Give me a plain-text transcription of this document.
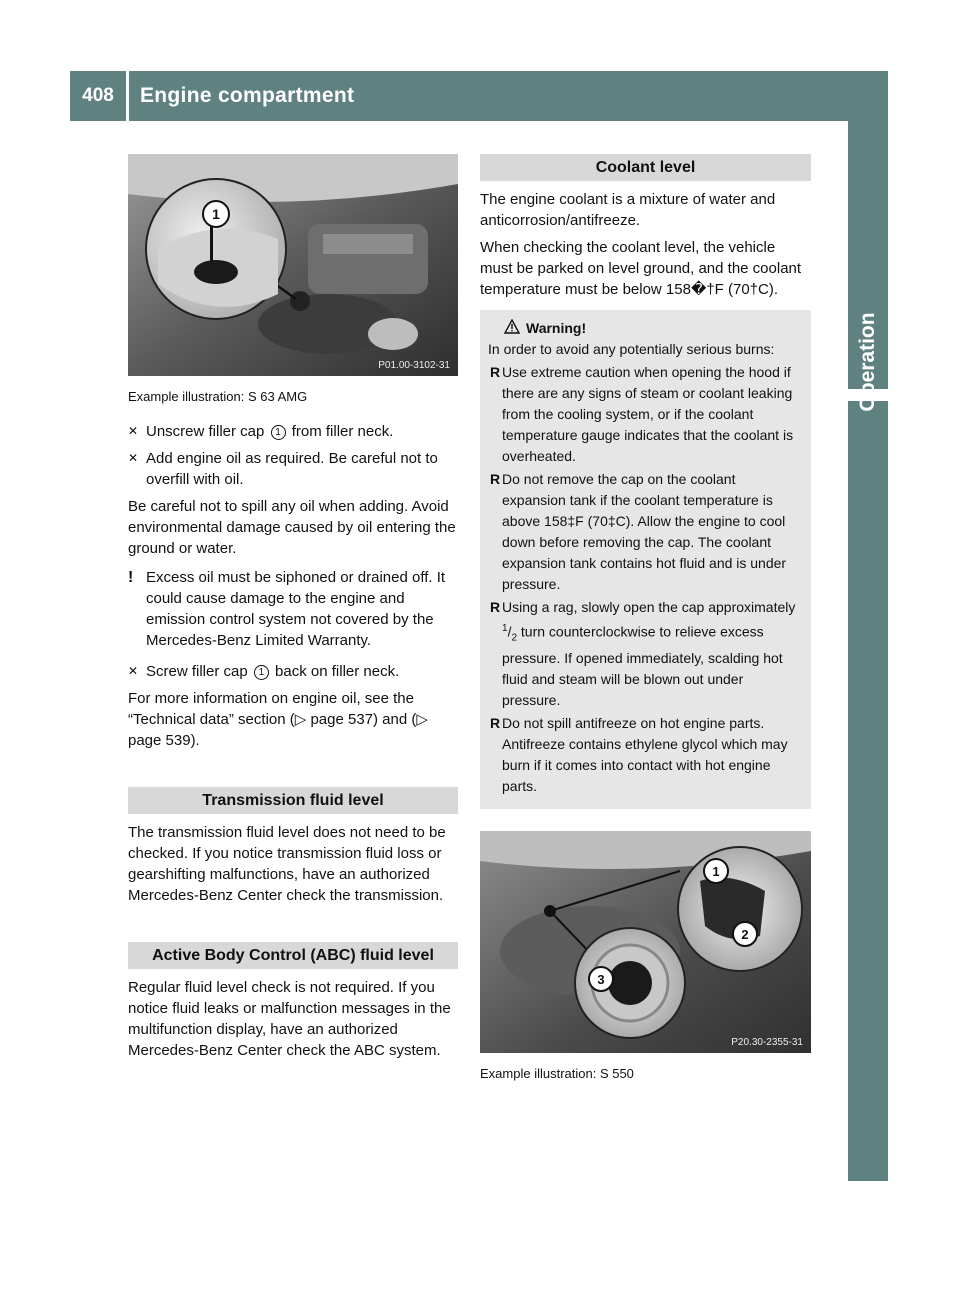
408	Engine compartment
Operation
1
P01.00-3102-31
Example illustration: S 63 AMG
✕ Unscrew filler cap 1 from filler neck.
✕ Add engine oil as required. Be careful not to overfill with oil.

Be careful not to spill any oil when adding. Avoid environmental damage caused by oil entering the ground or water.

! Excess oil must be siphoned or drained off. It could cause damage to the engine and emission control system not covered by the Mercedes-Benz Limited Warranty.
✕ Screw filler cap 1 back on filler neck.

For more information on engine oil, see the “Technical data” section (▷ page 537) and (▷ page 539).

Transmission fluid level

The transmission fluid level does not need to be checked. If you notice transmission fluid loss or gearshifting malfunctions, have an authorized Mercedes-Benz Center check the transmission.

Active Body Control (ABC) fluid level

Regular fluid level check is not required. If you notice fluid leaks or malfunction messages in the multifunction display, have an authorized Mercedes-Benz Center check the ABC system.

Coolant level

The engine coolant is a mixture of water and anticorrosion/antifreeze.

When checking the coolant level, the vehicle must be parked on level ground, and the coolant temperature must be below 158�†F (70†C).

Warning!
In order to avoid any potentially serious burns:
R Use extreme caution when opening the hood if there are any signs of steam or coolant leaking from the cooling system, or if the coolant temperature gauge indicates that the coolant is overheated.
R Do not remove the cap on the coolant expansion tank if the coolant temperature is above 158‡F (70‡C). Allow the engine to cool down before removing the cap. The coolant expansion tank contains hot fluid and is under pressure.
R Using a rag, slowly open the cap approximately $^1/_2$ turn counterclockwise to relieve excess pressure. If opened immediately, scalding hot fluid and steam will be blown out under pressure.
R Do not spill antifreeze on hot engine parts. Antifreeze contains ethylene glycol which may burn if it comes into contact with hot engine parts.
1
2
3
P20.30-2355-31
Example illustration: S 550
